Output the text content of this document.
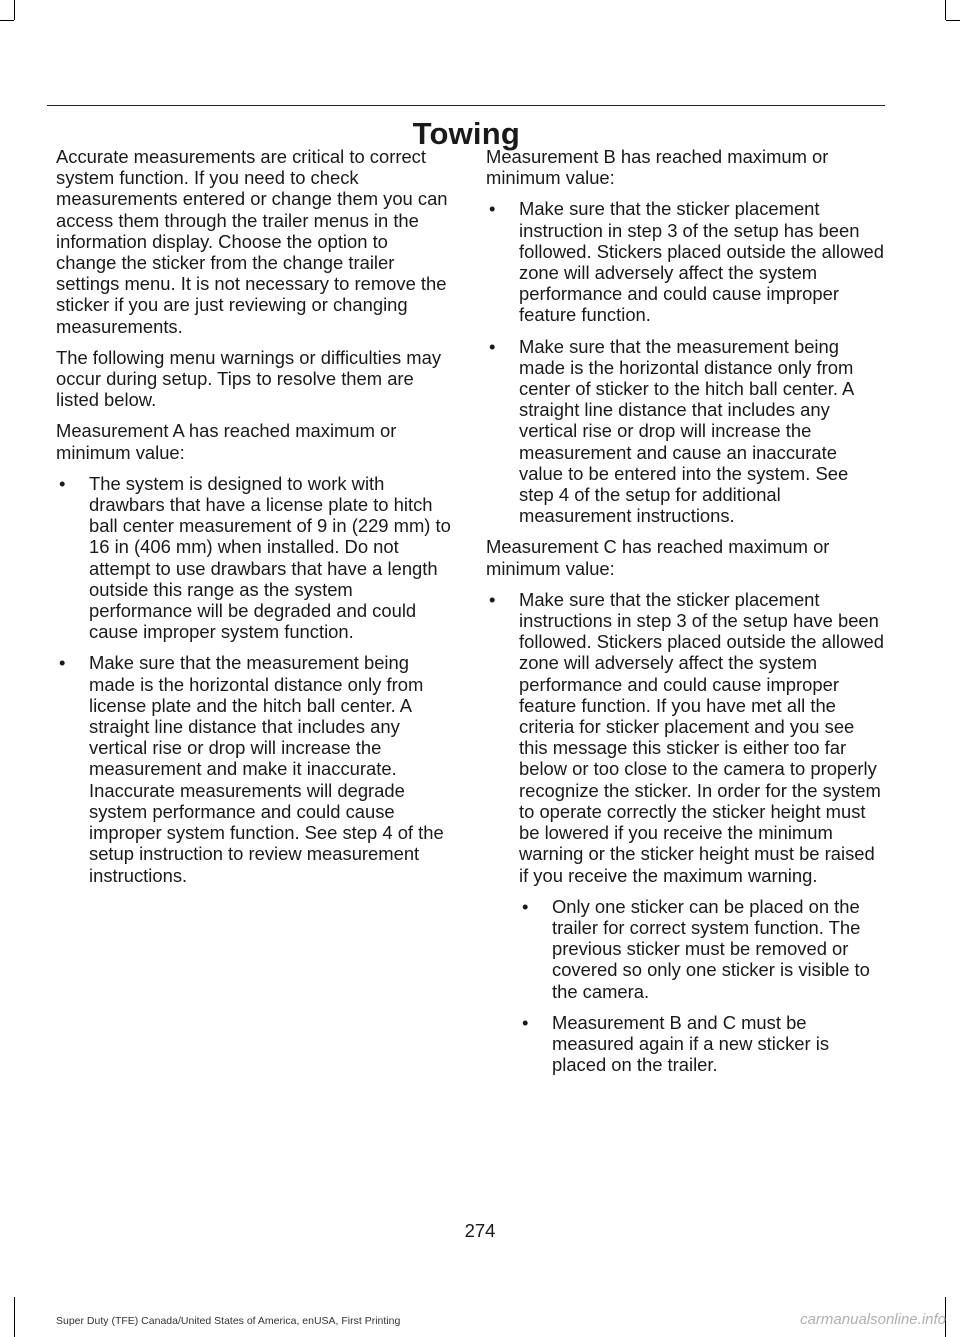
Towing

Accurate measurements are critical to correct system function. If you need to check measurements entered or change them you can access them through the trailer menus in the information display. Choose the option to change the sticker from the change trailer settings menu. It is not necessary to remove the sticker if you are just reviewing or changing measurements.

The following menu warnings or difficulties may occur during setup. Tips to resolve them are listed below.

Measurement A has reached maximum or minimum value:

• The system is designed to work with drawbars that have a license plate to hitch ball center measurement of 9 in (229 mm) to 16 in (406 mm) when installed. Do not attempt to use drawbars that have a length outside this range as the system performance will be degraded and could cause improper system function.
• Make sure that the measurement being made is the horizontal distance only from license plate and the hitch ball center. A straight line distance that includes any vertical rise or drop will increase the measurement and make it inaccurate. Inaccurate measurements will degrade system performance and could cause improper system function. See step 4 of the setup instruction to review measurement instructions.

Measurement B has reached maximum or minimum value:

• Make sure that the sticker placement instruction in step 3 of the setup has been followed. Stickers placed outside the allowed zone will adversely affect the system performance and could cause improper feature function.
• Make sure that the measurement being made is the horizontal distance only from center of sticker to the hitch ball center. A straight line distance that includes any vertical rise or drop will increase the measurement and cause an inaccurate value to be entered into the system. See step 4 of the setup for additional measurement instructions.

Measurement C has reached maximum or minimum value:

• Make sure that the sticker placement instructions in step 3 of the setup have been followed. Stickers placed outside the allowed zone will adversely affect the system performance and could cause improper feature function. If you have met all the criteria for sticker placement and you see this message this sticker is either too far below or too close to the camera to properly recognize the sticker. In order for the system to operate correctly the sticker height must be lowered if you receive the minimum warning or the sticker height must be raised if you receive the maximum warning.
• Only one sticker can be placed on the trailer for correct system function. The previous sticker must be removed or covered so only one sticker is visible to the camera.
• Measurement B and C must be measured again if a new sticker is placed on the trailer.
274
Super Duty (TFE) Canada/United States of America, enUSA, First Printing	carmanualsonline.info
